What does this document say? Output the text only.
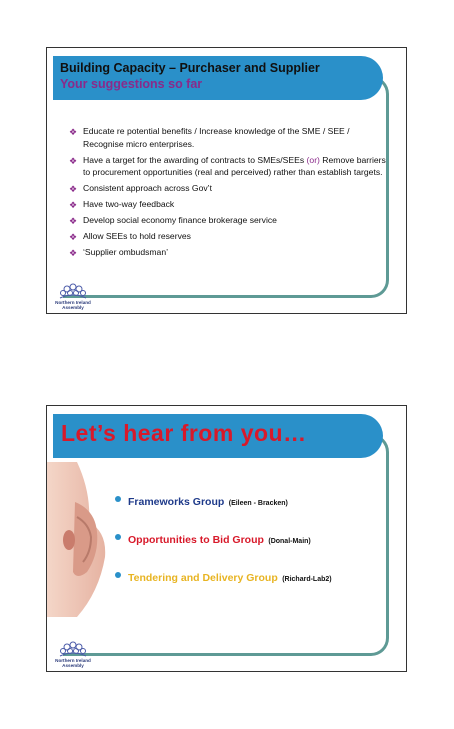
Building Capacity – Purchaser and Supplier
Your suggestions so far
❖ Educate re potential benefits / Increase knowledge of the SME / SEE / Recognise micro enterprises.
❖ Have a target for the awarding of contracts to SMEs/SEEs (or) Remove barriers to procurement opportunities (real and perceived) rather than establish targets.
❖ Consistent approach across Gov’t
❖ Have two-way feedback
❖ Develop social economy finance brokerage service
❖ Allow SEEs to hold reserves
❖ ‘Supplier ombudsman’
Northern Ireland
Assembly
Let’s hear from you…
Frameworks Group (Eileen - Bracken)
Opportunities to Bid Group (Donal-Main)
Tendering and Delivery Group (Richard-Lab2)
Northern Ireland
Assembly
